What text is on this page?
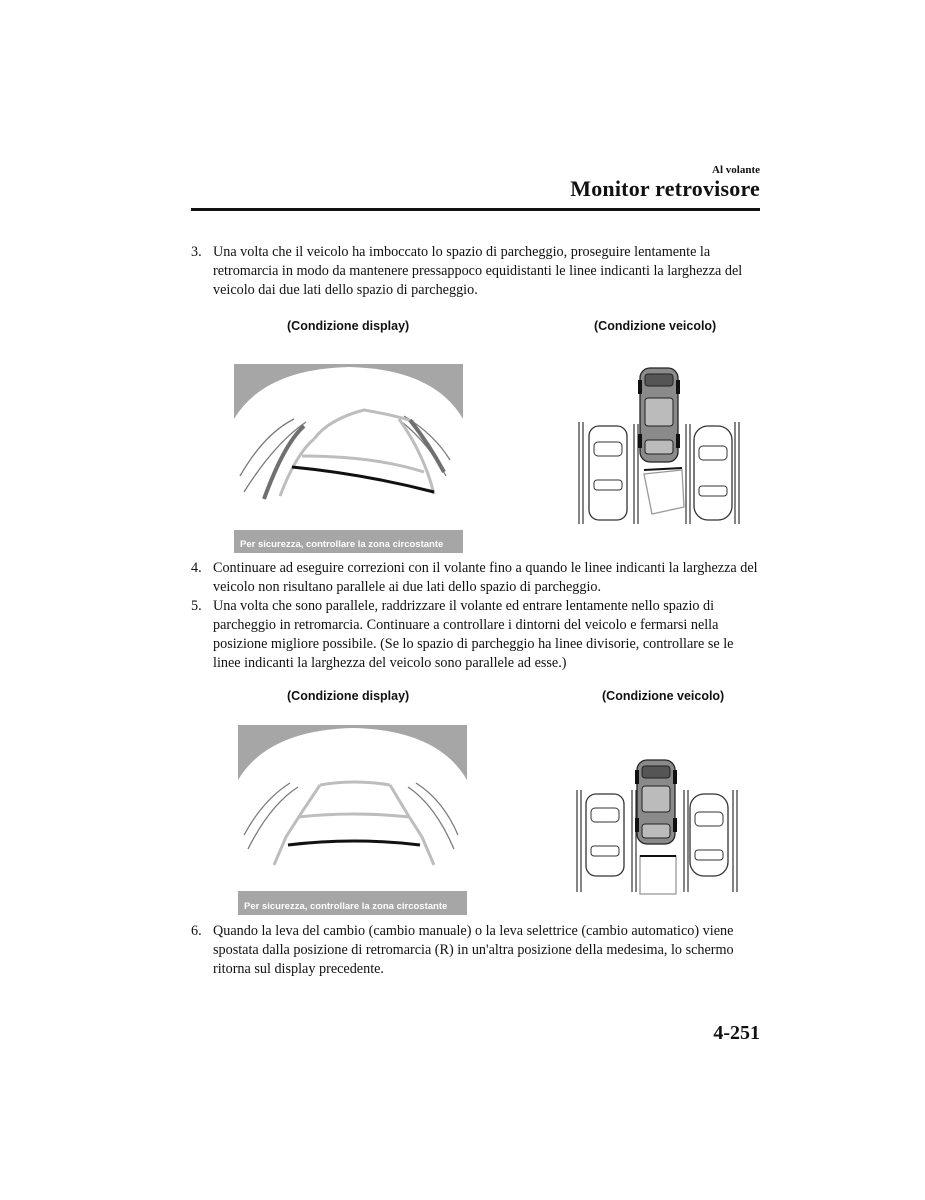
Al volante
Monitor retrovisore
3. Una volta che il veicolo ha imboccato lo spazio di parcheggio, proseguire lentamente la retromarcia in modo da mantenere pressappoco equidistanti le linee indicanti la larghezza del veicolo dai due lati dello spazio di parcheggio.
(Condizione display)	(Condizione veicolo)
Per sicurezza, controllare la zona circostante
4. Continuare ad eseguire correzioni con il volante fino a quando le linee indicanti la larghezza del veicolo non risultano parallele ai due lati dello spazio di parcheggio.
5. Una volta che sono parallele, raddrizzare il volante ed entrare lentamente nello spazio di parcheggio in retromarcia. Continuare a controllare i dintorni del veicolo e fermarsi nella posizione migliore possibile. (Se lo spazio di parcheggio ha linee divisorie, controllare se le linee indicanti la larghezza del veicolo sono parallele ad esse.)
(Condizione display)	(Condizione veicolo)
Per sicurezza, controllare la zona circostante
6. Quando la leva del cambio (cambio manuale) o la leva selettrice (cambio automatico) viene spostata dalla posizione di retromarcia (R) in un'altra posizione della medesima, lo schermo ritorna sul display precedente.
4-251
